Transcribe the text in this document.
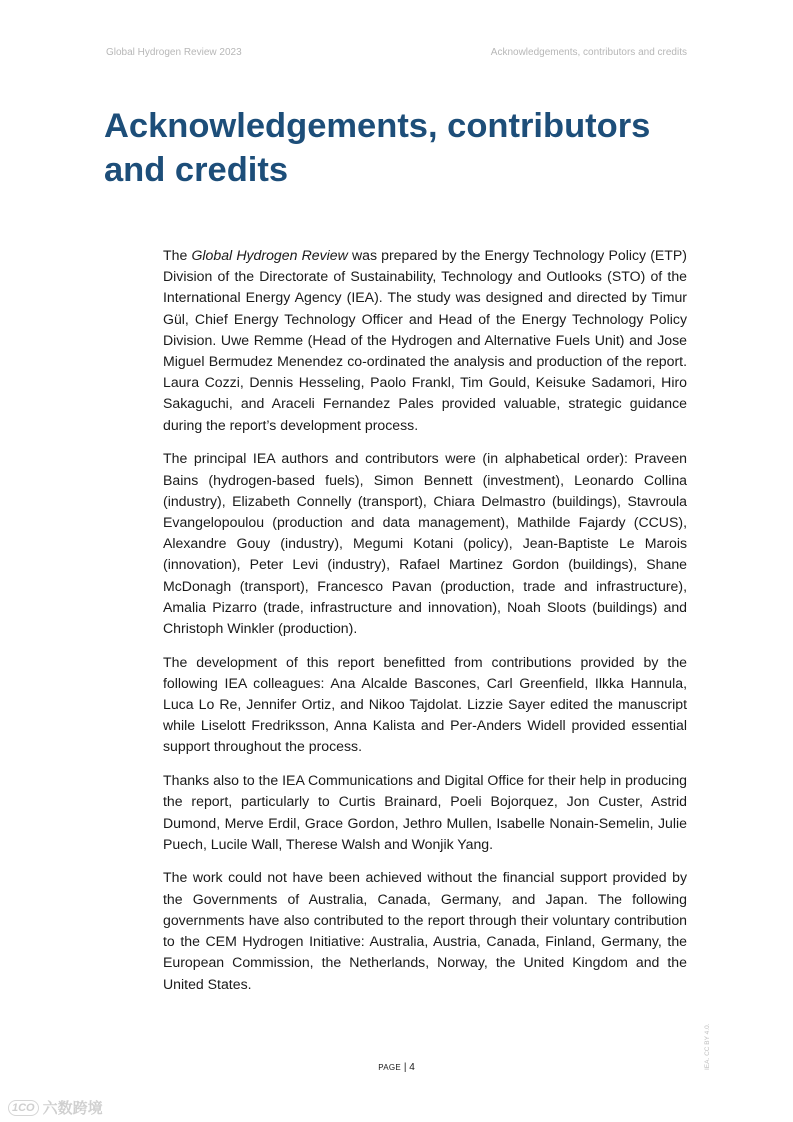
Global Hydrogen Review 2023	Acknowledgements, contributors and credits
Acknowledgements, contributors and credits

The Global Hydrogen Review was prepared by the Energy Technology Policy (ETP) Division of the Directorate of Sustainability, Technology and Outlooks (STO) of the International Energy Agency (IEA). The study was designed and directed by Timur Gül, Chief Energy Technology Officer and Head of the Energy Technology Policy Division. Uwe Remme (Head of the Hydrogen and Alternative Fuels Unit) and Jose Miguel Bermudez Menendez co-ordinated the analysis and production of the report. Laura Cozzi, Dennis Hesseling, Paolo Frankl, Tim Gould, Keisuke Sadamori, Hiro Sakaguchi, and Araceli Fernandez Pales provided valuable, strategic guidance during the report’s development process.

The principal IEA authors and contributors were (in alphabetical order): Praveen Bains (hydrogen-based fuels), Simon Bennett (investment), Leonardo Collina (industry), Elizabeth Connelly (transport), Chiara Delmastro (buildings), Stavroula Evangelopoulou (production and data management), Mathilde Fajardy (CCUS), Alexandre Gouy (industry), Megumi Kotani (policy), Jean-Baptiste Le Marois (innovation), Peter Levi (industry), Rafael Martinez Gordon (buildings), Shane McDonagh (transport), Francesco Pavan (production, trade and infrastructure), Amalia Pizarro (trade, infrastructure and innovation), Noah Sloots (buildings) and Christoph Winkler (production).

The development of this report benefitted from contributions provided by the following IEA colleagues: Ana Alcalde Bascones, Carl Greenfield, Ilkka Hannula, Luca Lo Re, Jennifer Ortiz, and Nikoo Tajdolat. Lizzie Sayer edited the manuscript while Liselott Fredriksson, Anna Kalista and Per-Anders Widell provided essential support throughout the process.

Thanks also to the IEA Communications and Digital Office for their help in producing the report, particularly to Curtis Brainard, Poeli Bojorquez, Jon Custer, Astrid Dumond, Merve Erdil, Grace Gordon, Jethro Mullen, Isabelle Nonain-Semelin, Julie Puech, Lucile Wall, Therese Walsh and Wonjik Yang.

The work could not have been achieved without the financial support provided by the Governments of Australia, Canada, Germany, and Japan. The following governments have also contributed to the report through their voluntary contribution to the CEM Hydrogen Initiative: Australia, Austria, Canada, Finland, Germany, the European Commission, the Netherlands, Norway, the United Kingdom and the United States.

PAGE | 4	IEA. CC BY 4.0.
1CO 六数跨境
